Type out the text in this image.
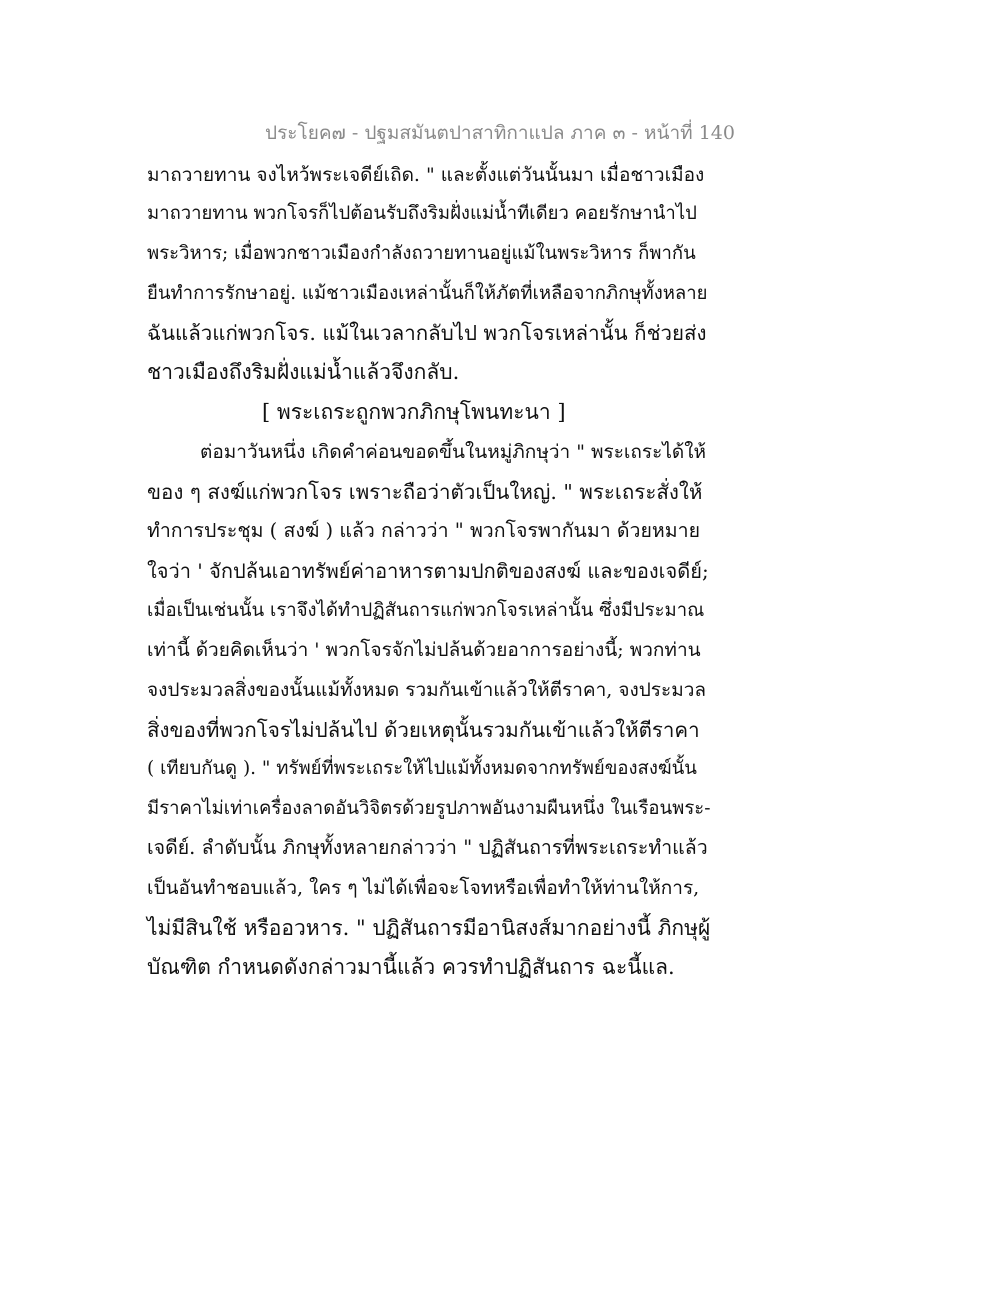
ประโยค๗ - ปฐมสมันตปาสาทิกาแปล ภาค ๓ - หน้าที่ 140
มาถวายทาน จงไหว้พระเจดีย์เถิด. " และตั้งแต่วันนั้นมา เมื่อชาวเมือง
มาถวายทาน พวกโจรก็ไปต้อนรับถึงริมฝั่งแม่น้ำทีเดียว คอยรักษานำไป
พระวิหาร; เมื่อพวกชาวเมืองกำลังถวายทานอยู่แม้ในพระวิหาร ก็พากัน
ยืนทำการรักษาอยู่. แม้ชาวเมืองเหล่านั้นก็ให้ภัตที่เหลือจากภิกษุทั้งหลาย
ฉันแล้วแก่พวกโจร. แม้ในเวลากลับไป พวกโจรเหล่านั้น ก็ช่วยส่ง
ชาวเมืองถึงริมฝั่งแม่น้ำแล้วจึงกลับ.
[ พระเถระถูกพวกภิกษุโพนทะนา ]
ต่อมาวันหนึ่ง เกิดคำค่อนขอดขึ้นในหมู่ภิกษุว่า " พระเถระได้ให้
ของ ๆ สงฆ์แก่พวกโจร เพราะถือว่าตัวเป็นใหญ่. " พระเถระสั่งให้
ทำการประชุม ( สงฆ์ ) แล้ว กล่าวว่า " พวกโจรพากันมา ด้วยหมาย
ใจว่า ' จักปล้นเอาทรัพย์ค่าอาหารตามปกติของสงฆ์ และของเจดีย์;
เมื่อเป็นเช่นนั้น เราจึงได้ทำปฏิสันถารแก่พวกโจรเหล่านั้น ซึ่งมีประมาณ
เท่านี้ ด้วยคิดเห็นว่า ' พวกโจรจักไม่ปล้นด้วยอาการอย่างนี้; พวกท่าน
จงประมวลสิ่งของนั้นแม้ทั้งหมด รวมกันเข้าแล้วให้ตีราคา, จงประมวล
สิ่งของที่พวกโจรไม่ปล้นไป ด้วยเหตุนั้นรวมกันเข้าแล้วให้ตีราคา
( เทียบกันดู ). " ทรัพย์ที่พระเถระให้ไปแม้ทั้งหมดจากทรัพย์ของสงฆ์นั้น
มีราคาไม่เท่าเครื่องลาดอันวิจิตรด้วยรูปภาพอันงามผืนหนึ่ง ในเรือนพระ-
เจดีย์. ลำดับนั้น ภิกษุทั้งหลายกล่าวว่า " ปฏิสันถารที่พระเถระทำแล้ว
เป็นอันทำชอบแล้ว, ใคร ๆ ไม่ได้เพื่อจะโจทหรือเพื่อทำให้ท่านให้การ,
ไม่มีสินใช้ หรืออวหาร. " ปฏิสันถารมีอานิสงส์มากอย่างนี้ ภิกษุผู้
บัณฑิต กำหนดดังกล่าวมานี้แล้ว ควรทำปฏิสันถาร ฉะนี้แล.
